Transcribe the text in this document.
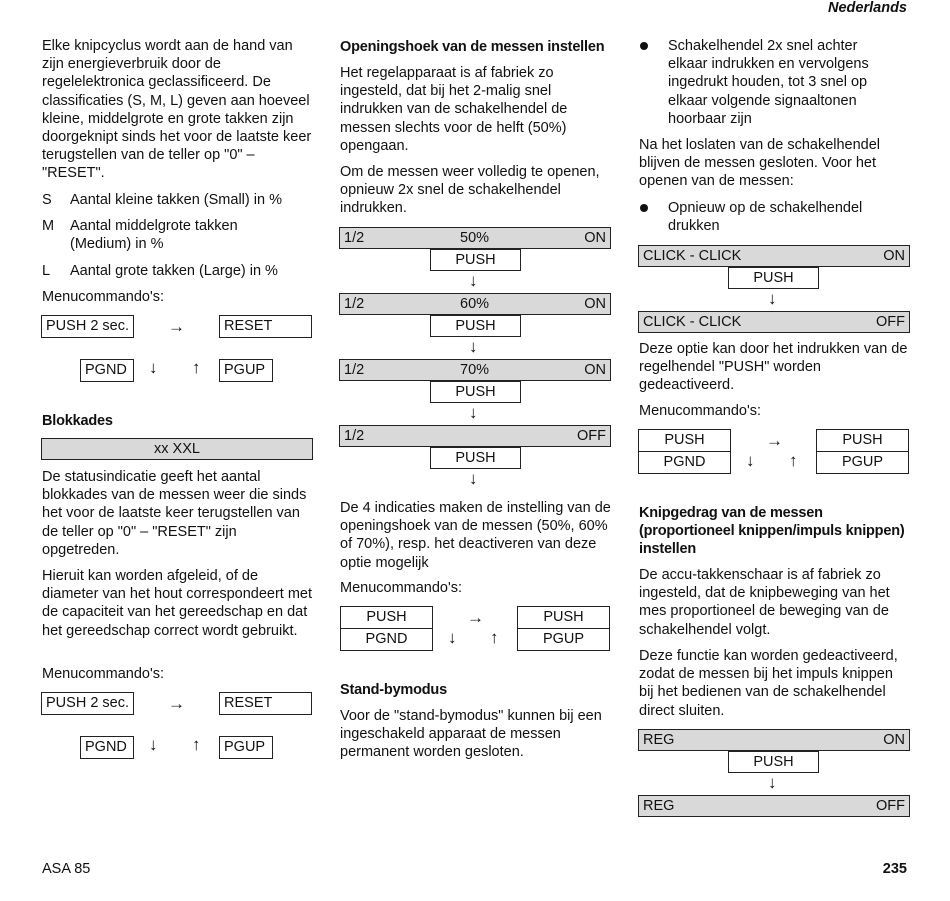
Nederlands

Elke knipcyclus wordt aan de hand van zijn energieverbruik door de regelelektronica geclassificeerd. De classificaties (S, M, L) geven aan hoeveel kleine, middelgrote en grote takken zijn doorgeknipt sinds het voor de laatste keer terugstellen van de teller op "0" – "RESET".

S Aantal kleine takken (Small) in %
M Aantal middelgrote takken (Medium) in %
L Aantal grote takken (Large) in %
Menucommando's:
PUSH 2 sec. →	RESET
PGND	↓ ↑	PGUP
Blokkades
xx XXL

De statusindicatie geeft het aantal blokkades van de messen weer die sinds het voor de laatste keer terugstellen van de teller op "0" – "RESET" zijn opgetreden.

Hieruit kan worden afgeleid, of de diameter van het hout correspondeert met de capaciteit van het gereedschap en dat het gereedschap correct wordt gebruikt.

Menucommando's:
PUSH 2 sec. →	RESET
PGND	↓ ↑	PGUP
Openingshoek van de messen instellen

Het regelapparaat is af fabriek zo ingesteld, dat bij het 2-malig snel indrukken van de schakelhendel de messen slechts voor de helft (50%) opengaan.

Om de messen weer volledig te openen, opnieuw 2x snel de schakelhendel indrukken.

1/2	50%	ON
PUSH
↓
1/2	60%	ON
PUSH
↓
1/2	70%	ON
PUSH
↓
1/2	OFF
PUSH
↓

De 4 indicaties maken de instelling van de openingshoek van de messen (50%, 60% of 70%), resp. het deactiveren van deze optie mogelijk

Menucommando's:
PUSH	→	PUSH
PGND	↓ ↑	PGUP
Stand-bymodus

Voor de "stand-bymodus" kunnen bij een ingeschakeld apparaat de messen permanent worden gesloten.

Schakelhendel 2x snel achter elkaar indrukken en vervolgens ingedrukt houden, tot 3 snel op elkaar volgende signaaltonen hoorbaar zijn

Na het loslaten van de schakelhendel blijven de messen gesloten. Voor het openen van de messen:

Opnieuw op de schakelhendel drukken

CLICK - CLICK	ON
PUSH
↓
CLICK - CLICK	OFF

Deze optie kan door het indrukken van de regelhendel "PUSH" worden gedeactiveerd.

Menucommando's:
PUSH	→	PUSH
PGND	↓ ↑	PGUP
Knipgedrag van de messen (proportioneel knippen/impuls knippen) instellen

De accu-takkenschaar is af fabriek zo ingesteld, dat de knipbeweging van het mes proportioneel de beweging van de schakelhendel volgt.

Deze functie kan worden gedeactiveerd, zodat de messen bij het impuls knippen bij het bedienen van de schakelhendel direct sluiten.

REG	ON
PUSH
↓
REG	OFF
ASA 85	235
